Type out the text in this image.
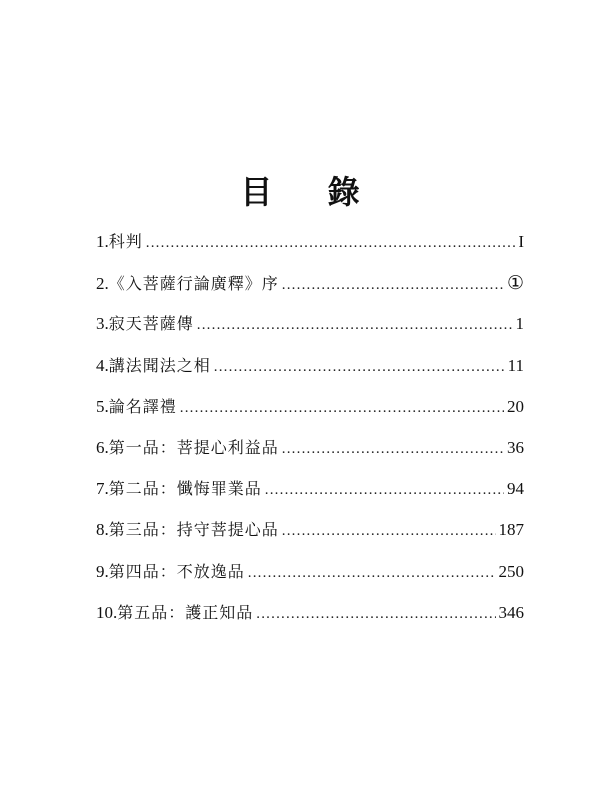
目 錄
1. 科判 .....	I
2. 《入菩薩行論廣釋》序 .....	①
3. 寂天菩薩傳 .....	1
4. 講法聞法之相 .....	11
5. 論名譯禮 .....	20
6. 第一品：菩提心利益品 .....	36
7. 第二品：懺悔罪業品 .....	94
8. 第三品：持守菩提心品 .....	187
9. 第四品：不放逸品 .....	250
10. 第五品：護正知品 .....	346
